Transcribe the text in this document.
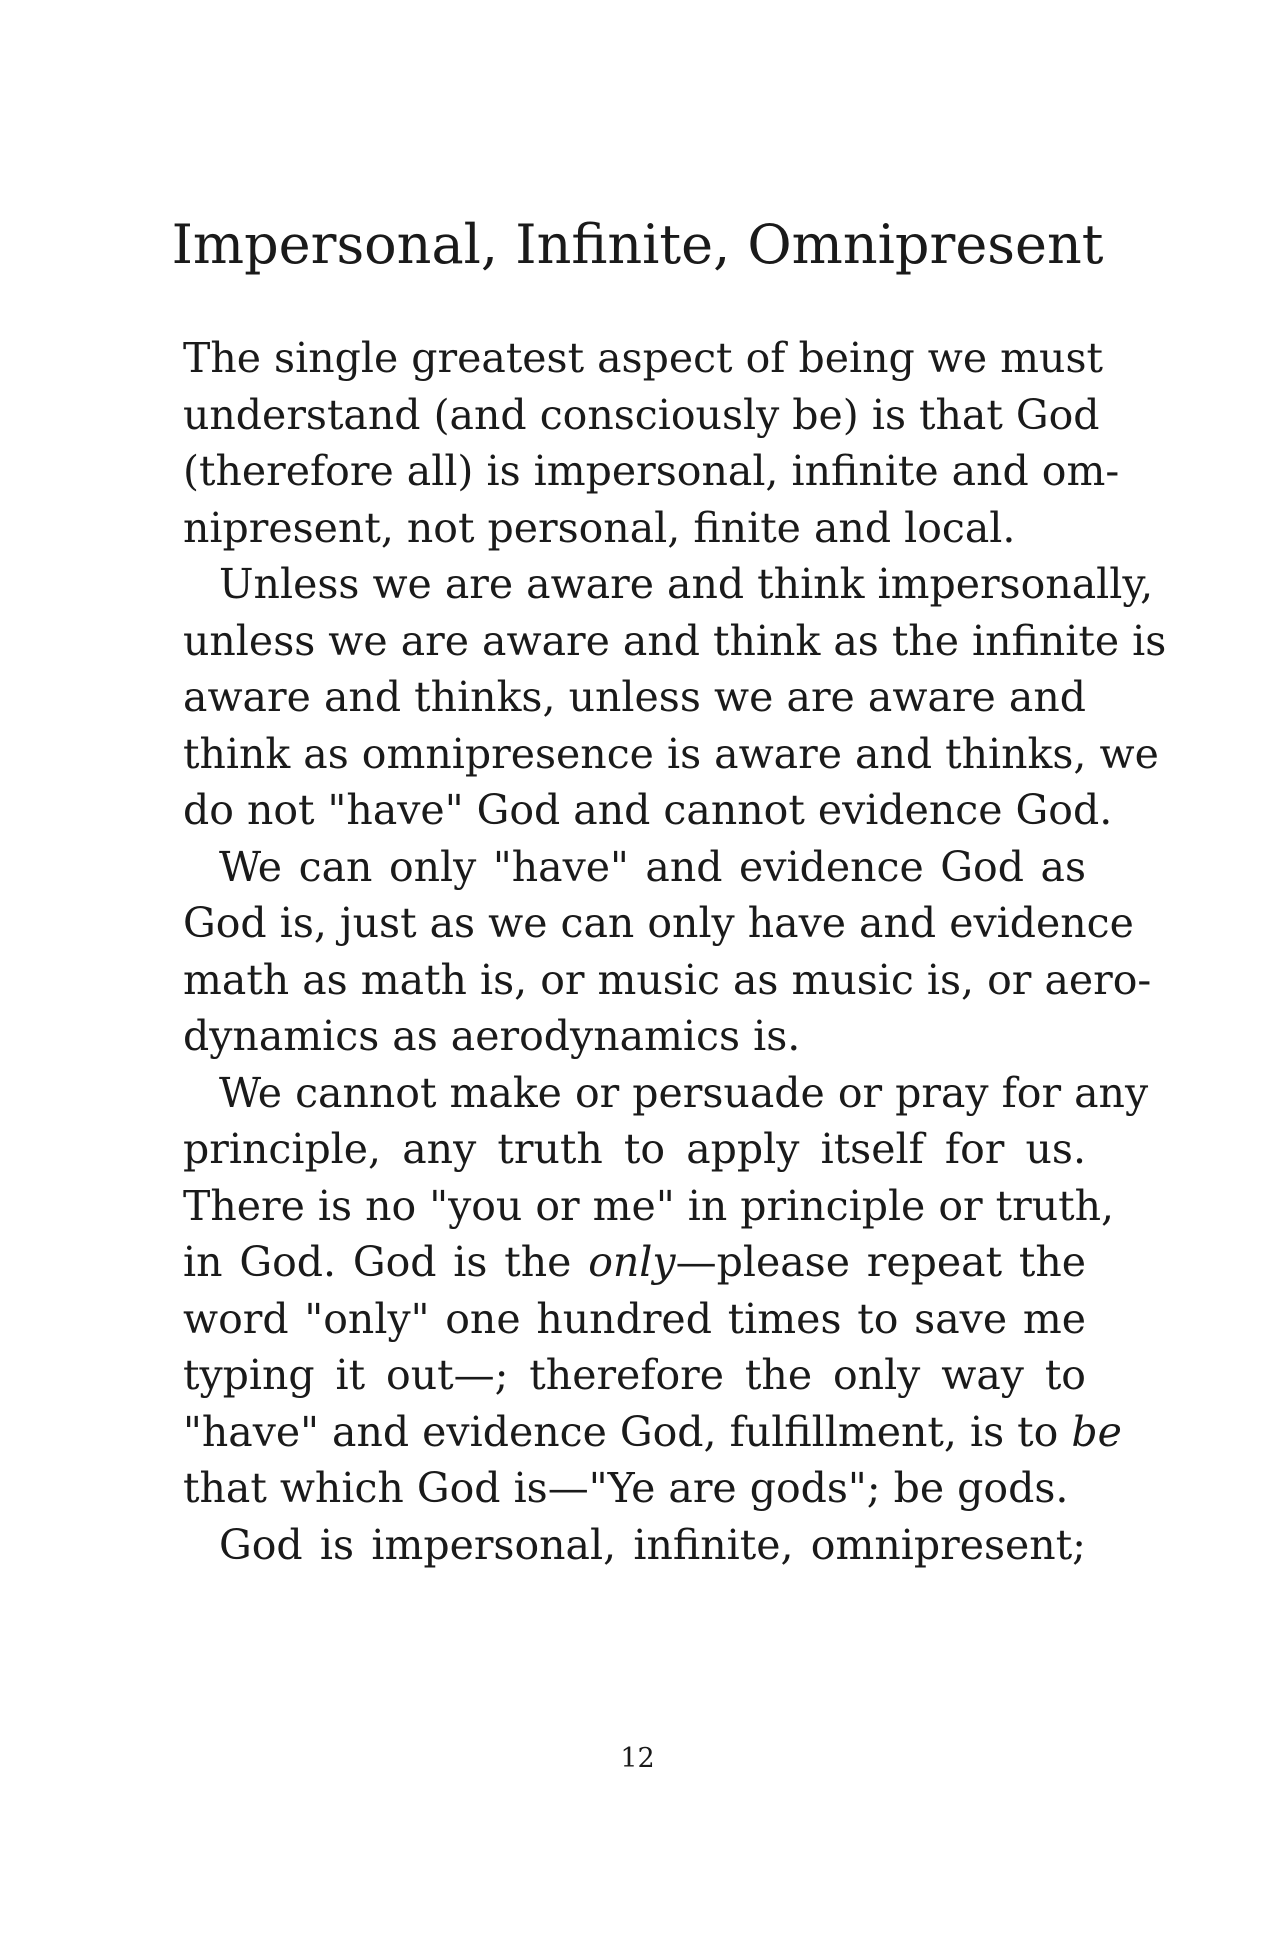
Impersonal, Infinite, Omnipresent
The single greatest aspect of being we must
understand (and consciously be) is that God
(therefore all) is impersonal, infinite and om-
nipresent, not personal, finite and local.
Unless we are aware and think impersonally,
unless we are aware and think as the infinite is
aware and thinks, unless we are aware and
think as omnipresence is aware and thinks, we
do not "have" God and cannot evidence God.
We can only "have" and evidence God as
God is, just as we can only have and evidence
math as math is, or music as music is, or aero-
dynamics as aerodynamics is.
We cannot make or persuade or pray for any
principle, any truth to apply itself for us.
There is no "you or me" in principle or truth,
in God. God is the only—please repeat the
word "only" one hundred times to save me
typing it out—; therefore the only way to
"have" and evidence God, fulfillment, is to be
that which God is—"Ye are gods"; be gods.
God is impersonal, infinite, omnipresent;
12
